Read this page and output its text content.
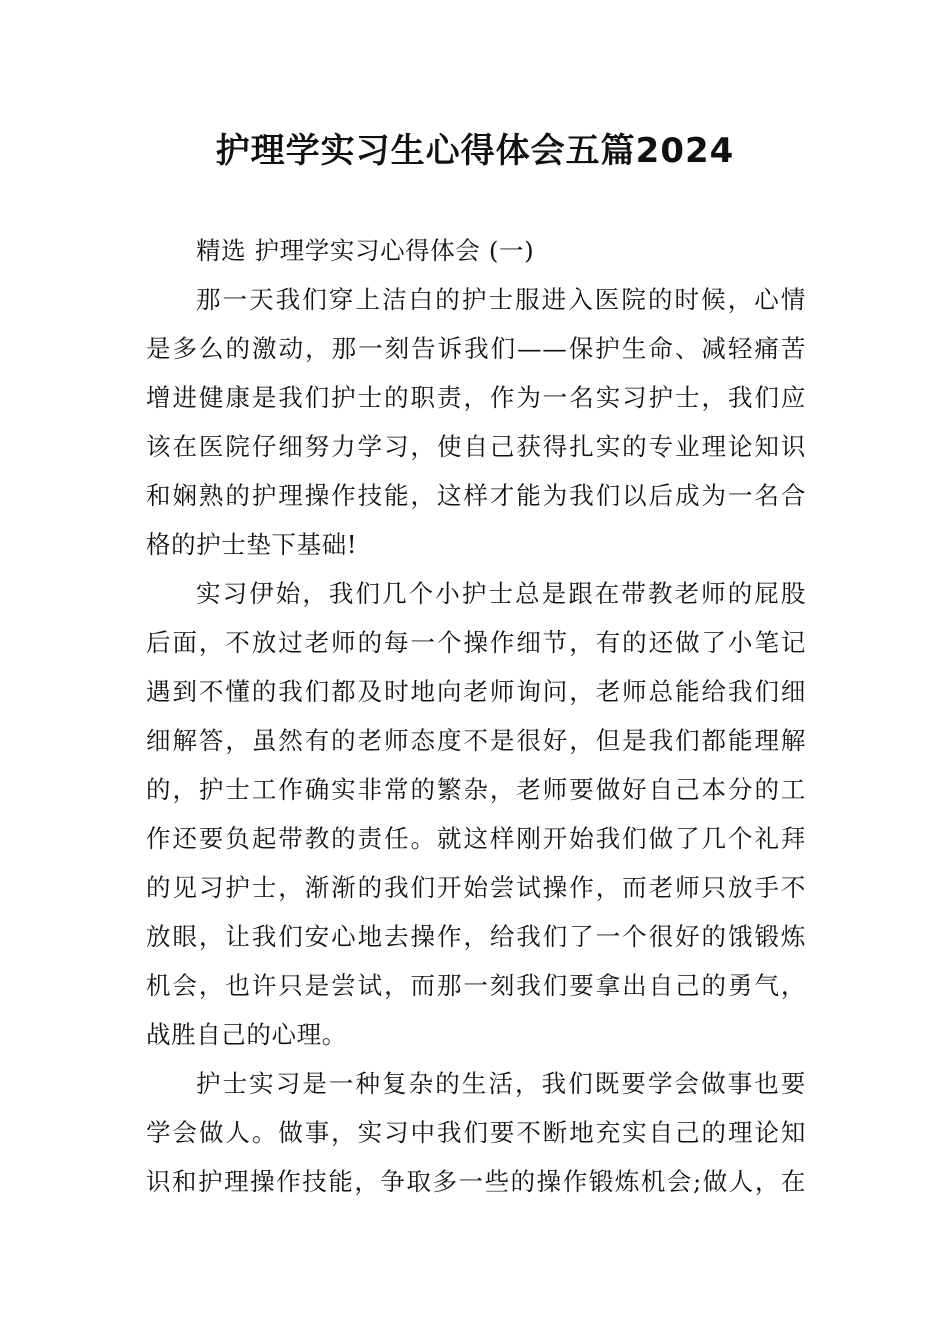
护理学实习生心得体会五篇2024
精选 护理学实习心得体会 (一)
那一天我们穿上洁白的护士服进入医院的时候，心情
是多么的激动，那一刻告诉我们——保护生命、减轻痛苦
增进健康是我们护士的职责，作为一名实习护士，我们应
该在医院仔细努力学习，使自己获得扎实的专业理论知识
和娴熟的护理操作技能，这样才能为我们以后成为一名合
格的护士垫下基础!
实习伊始，我们几个小护士总是跟在带教老师的屁股
后面，不放过老师的每一个操作细节，有的还做了小笔记
遇到不懂的我们都及时地向老师询问，老师总能给我们细
细解答，虽然有的老师态度不是很好，但是我们都能理解
的，护士工作确实非常的繁杂，老师要做好自己本分的工
作还要负起带教的责任。就这样刚开始我们做了几个礼拜
的见习护士，渐渐的我们开始尝试操作，而老师只放手不
放眼，让我们安心地去操作，给我们了一个很好的饿锻炼
机会，也许只是尝试，而那一刻我们要拿出自己的勇气，
战胜自己的心理。
护士实习是一种复杂的生活，我们既要学会做事也要
学会做人。做事，实习中我们要不断地充实自己的理论知
识和护理操作技能，争取多一些的操作锻炼机会;做人，在
